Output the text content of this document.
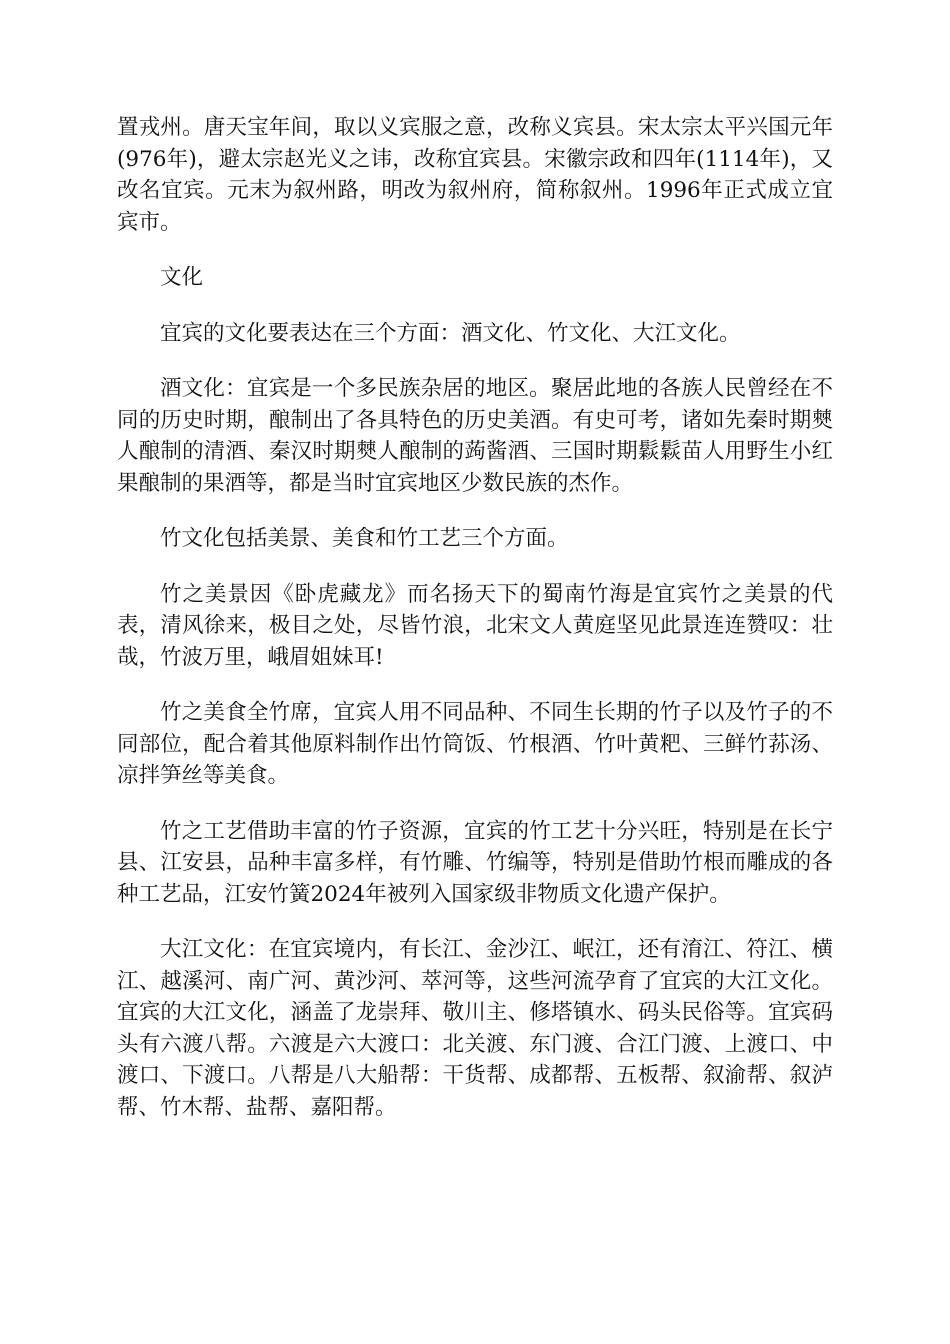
置戎州。唐天宝年间，取以义宾服之意，改称义宾县。宋太宗太平兴国元年(976年)，避太宗赵光义之讳，改称宜宾县。宋徽宗政和四年(1114年)，又改名宜宾。元末为叙州路，明改为叙州府，简称叙州。1996年正式成立宜宾市。

文化

宜宾的文化要表达在三个方面：酒文化、竹文化、大江文化。

酒文化：宜宾是一个多民族杂居的地区。聚居此地的各族人民曾经在不同的历史时期，酿制出了各具特色的历史美酒。有史可考，诸如先秦时期僰人酿制的清酒、秦汉时期僰人酿制的蒟酱酒、三国时期鬏鬏苗人用野生小红果酿制的果酒等，都是当时宜宾地区少数民族的杰作。

竹文化包括美景、美食和竹工艺三个方面。

竹之美景因《卧虎藏龙》而名扬天下的蜀南竹海是宜宾竹之美景的代表，清风徐来，极目之处，尽皆竹浪，北宋文人黄庭坚见此景连连赞叹：壮哉，竹波万里，峨眉姐妹耳!

竹之美食全竹席，宜宾人用不同品种、不同生长期的竹子以及竹子的不同部位，配合着其他原料制作出竹筒饭、竹根酒、竹叶黄粑、三鲜竹荪汤、凉拌笋丝等美食。

竹之工艺借助丰富的竹子资源，宜宾的竹工艺十分兴旺，特别是在长宁县、江安县，品种丰富多样，有竹雕、竹编等，特别是借助竹根而雕成的各种工艺品，江安竹簧2024年被列入国家级非物质文化遗产保护。

大江文化：在宜宾境内，有长江、金沙江、岷江，还有淯江、符江、横江、越溪河、南广河、黄沙河、萃河等，这些河流孕育了宜宾的大江文化。宜宾的大江文化，涵盖了龙崇拜、敬川主、修塔镇水、码头民俗等。宜宾码头有六渡八帮。六渡是六大渡口：北关渡、东门渡、合江门渡、上渡口、中渡口、下渡口。八帮是八大船帮：干货帮、成都帮、五板帮、叙渝帮、叙泸帮、竹木帮、盐帮、嘉阳帮。
